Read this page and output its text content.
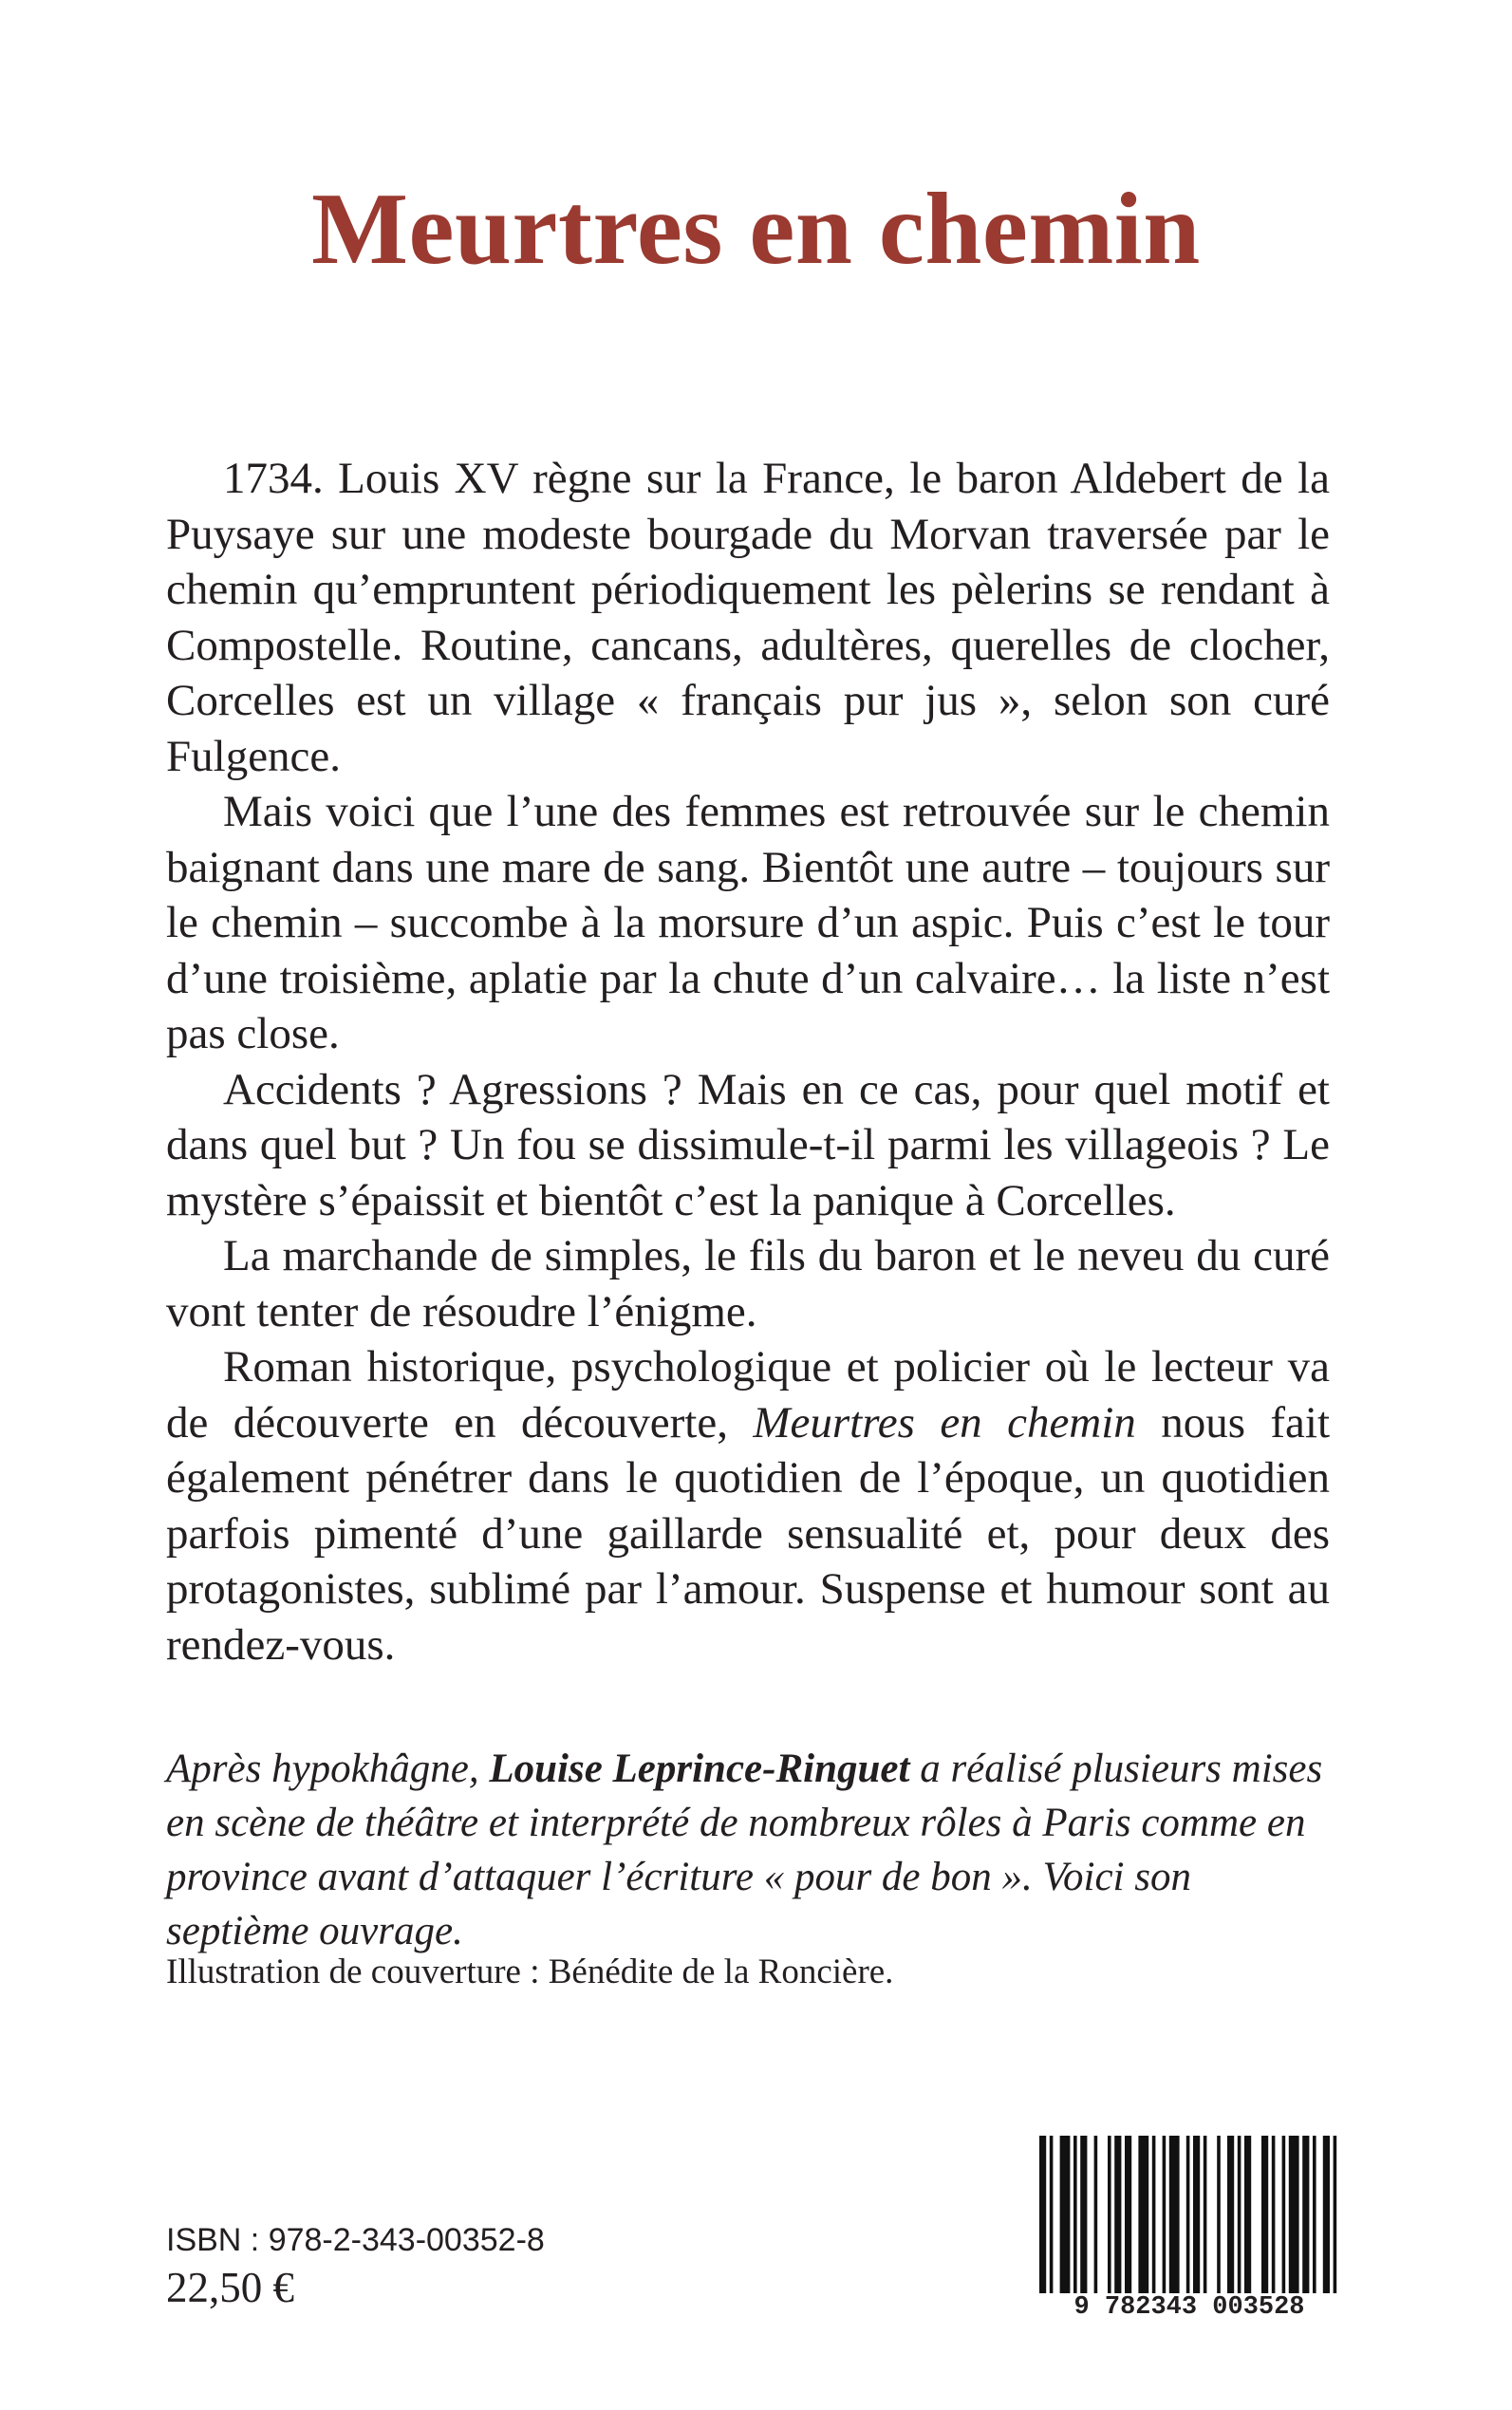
Meurtres en chemin

1734. Louis XV règne sur la France, le baron Aldebert de la Puysaye sur une modeste bourgade du Morvan traversée par le chemin qu’empruntent périodiquement les pèlerins se rendant à Compostelle. Routine, cancans, adultères, querelles de clocher, Corcelles est un village « français pur jus », selon son curé Fulgence.

Mais voici que l’une des femmes est retrouvée sur le chemin baignant dans une mare de sang. Bientôt une autre – toujours sur le chemin – succombe à la morsure d’un aspic. Puis c’est le tour d’une troisième, aplatie par la chute d’un calvaire… la liste n’est pas close.

Accidents ? Agressions ? Mais en ce cas, pour quel motif et dans quel but ? Un fou se dissimule-t-il parmi les villageois ? Le mystère s’épaissit et bientôt c’est la panique à Corcelles.

La marchande de simples, le fils du baron et le neveu du curé vont tenter de résoudre l’énigme.

Roman historique, psychologique et policier où le lecteur va de découverte en découverte, Meurtres en chemin nous fait également pénétrer dans le quotidien de l’époque, un quotidien parfois pimenté d’une gaillarde sensualité et, pour deux des protagonistes, sublimé par l’amour. Suspense et humour sont au rendez-vous.

Après hypokhâgne, Louise Leprince-Ringuet a réalisé plusieurs mises en scène de théâtre et interprété de nombreux rôles à Paris comme en province avant d’attaquer l’écriture « pour de bon ». Voici son septième ouvrage.

Illustration de couverture : Bénédite de la Roncière.
ISBN : 978-2-343-00352-8
22,50 €	9 782343 003528
